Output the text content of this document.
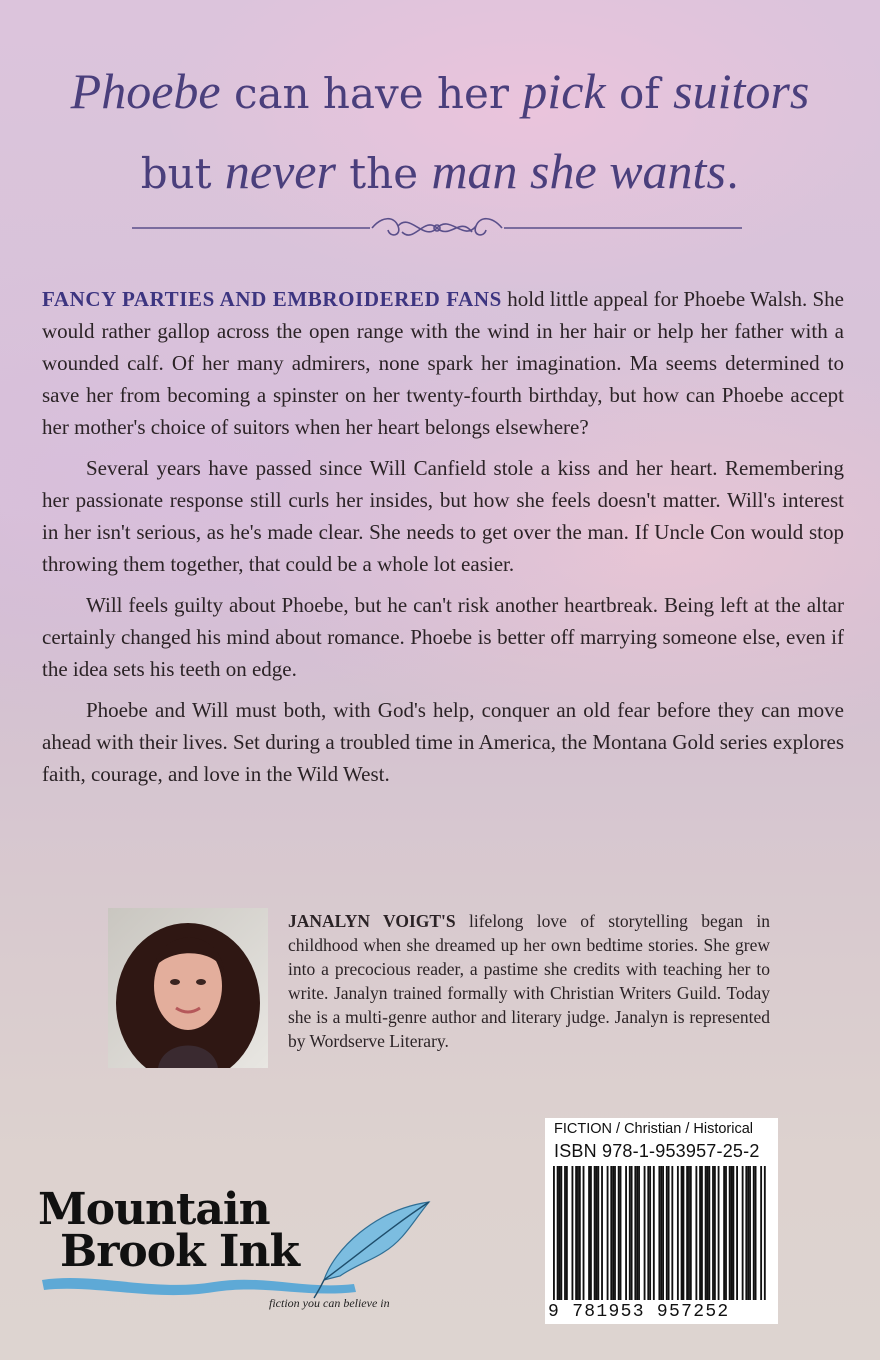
Phoebe can have her pick of suitors
but never the man she wants.

FANCY PARTIES AND EMBROIDERED FANS hold little appeal for Phoebe Walsh. She would rather gallop across the open range with the wind in her hair or help her father with a wounded calf. Of her many admirers, none spark her imagination. Ma seems determined to save her from becoming a spinster on her twenty-fourth birthday, but how can Phoebe accept her mother's choice of suitors when her heart belongs elsewhere?

Several years have passed since Will Canfield stole a kiss and her heart. Remembering her passionate response still curls her insides, but how she feels doesn't matter. Will's interest in her isn't serious, as he's made clear. She needs to get over the man. If Uncle Con would stop throwing them together, that could be a whole lot easier.

Will feels guilty about Phoebe, but he can't risk another heartbreak. Being left at the altar certainly changed his mind about romance. Phoebe is better off marrying someone else, even if the idea sets his teeth on edge.

Phoebe and Will must both, with God's help, conquer an old fear before they can move ahead with their lives. Set during a troubled time in America, the Montana Gold series explores faith, courage, and love in the Wild West.

JANALYN VOIGT'S lifelong love of storytelling began in childhood when she dreamed up her own bedtime stories. She grew into a precocious reader, a pastime she credits with teaching her to write. Janalyn trained formally with Christian Writers Guild. Today she is a multi-genre author and literary judge. Janalyn is represented by Wordserve Literary.
FICTION / Christian / Historical
ISBN 978-1-953957-25-2
9 781953 957252
Mountain
Brook Ink
fiction you can believe in
